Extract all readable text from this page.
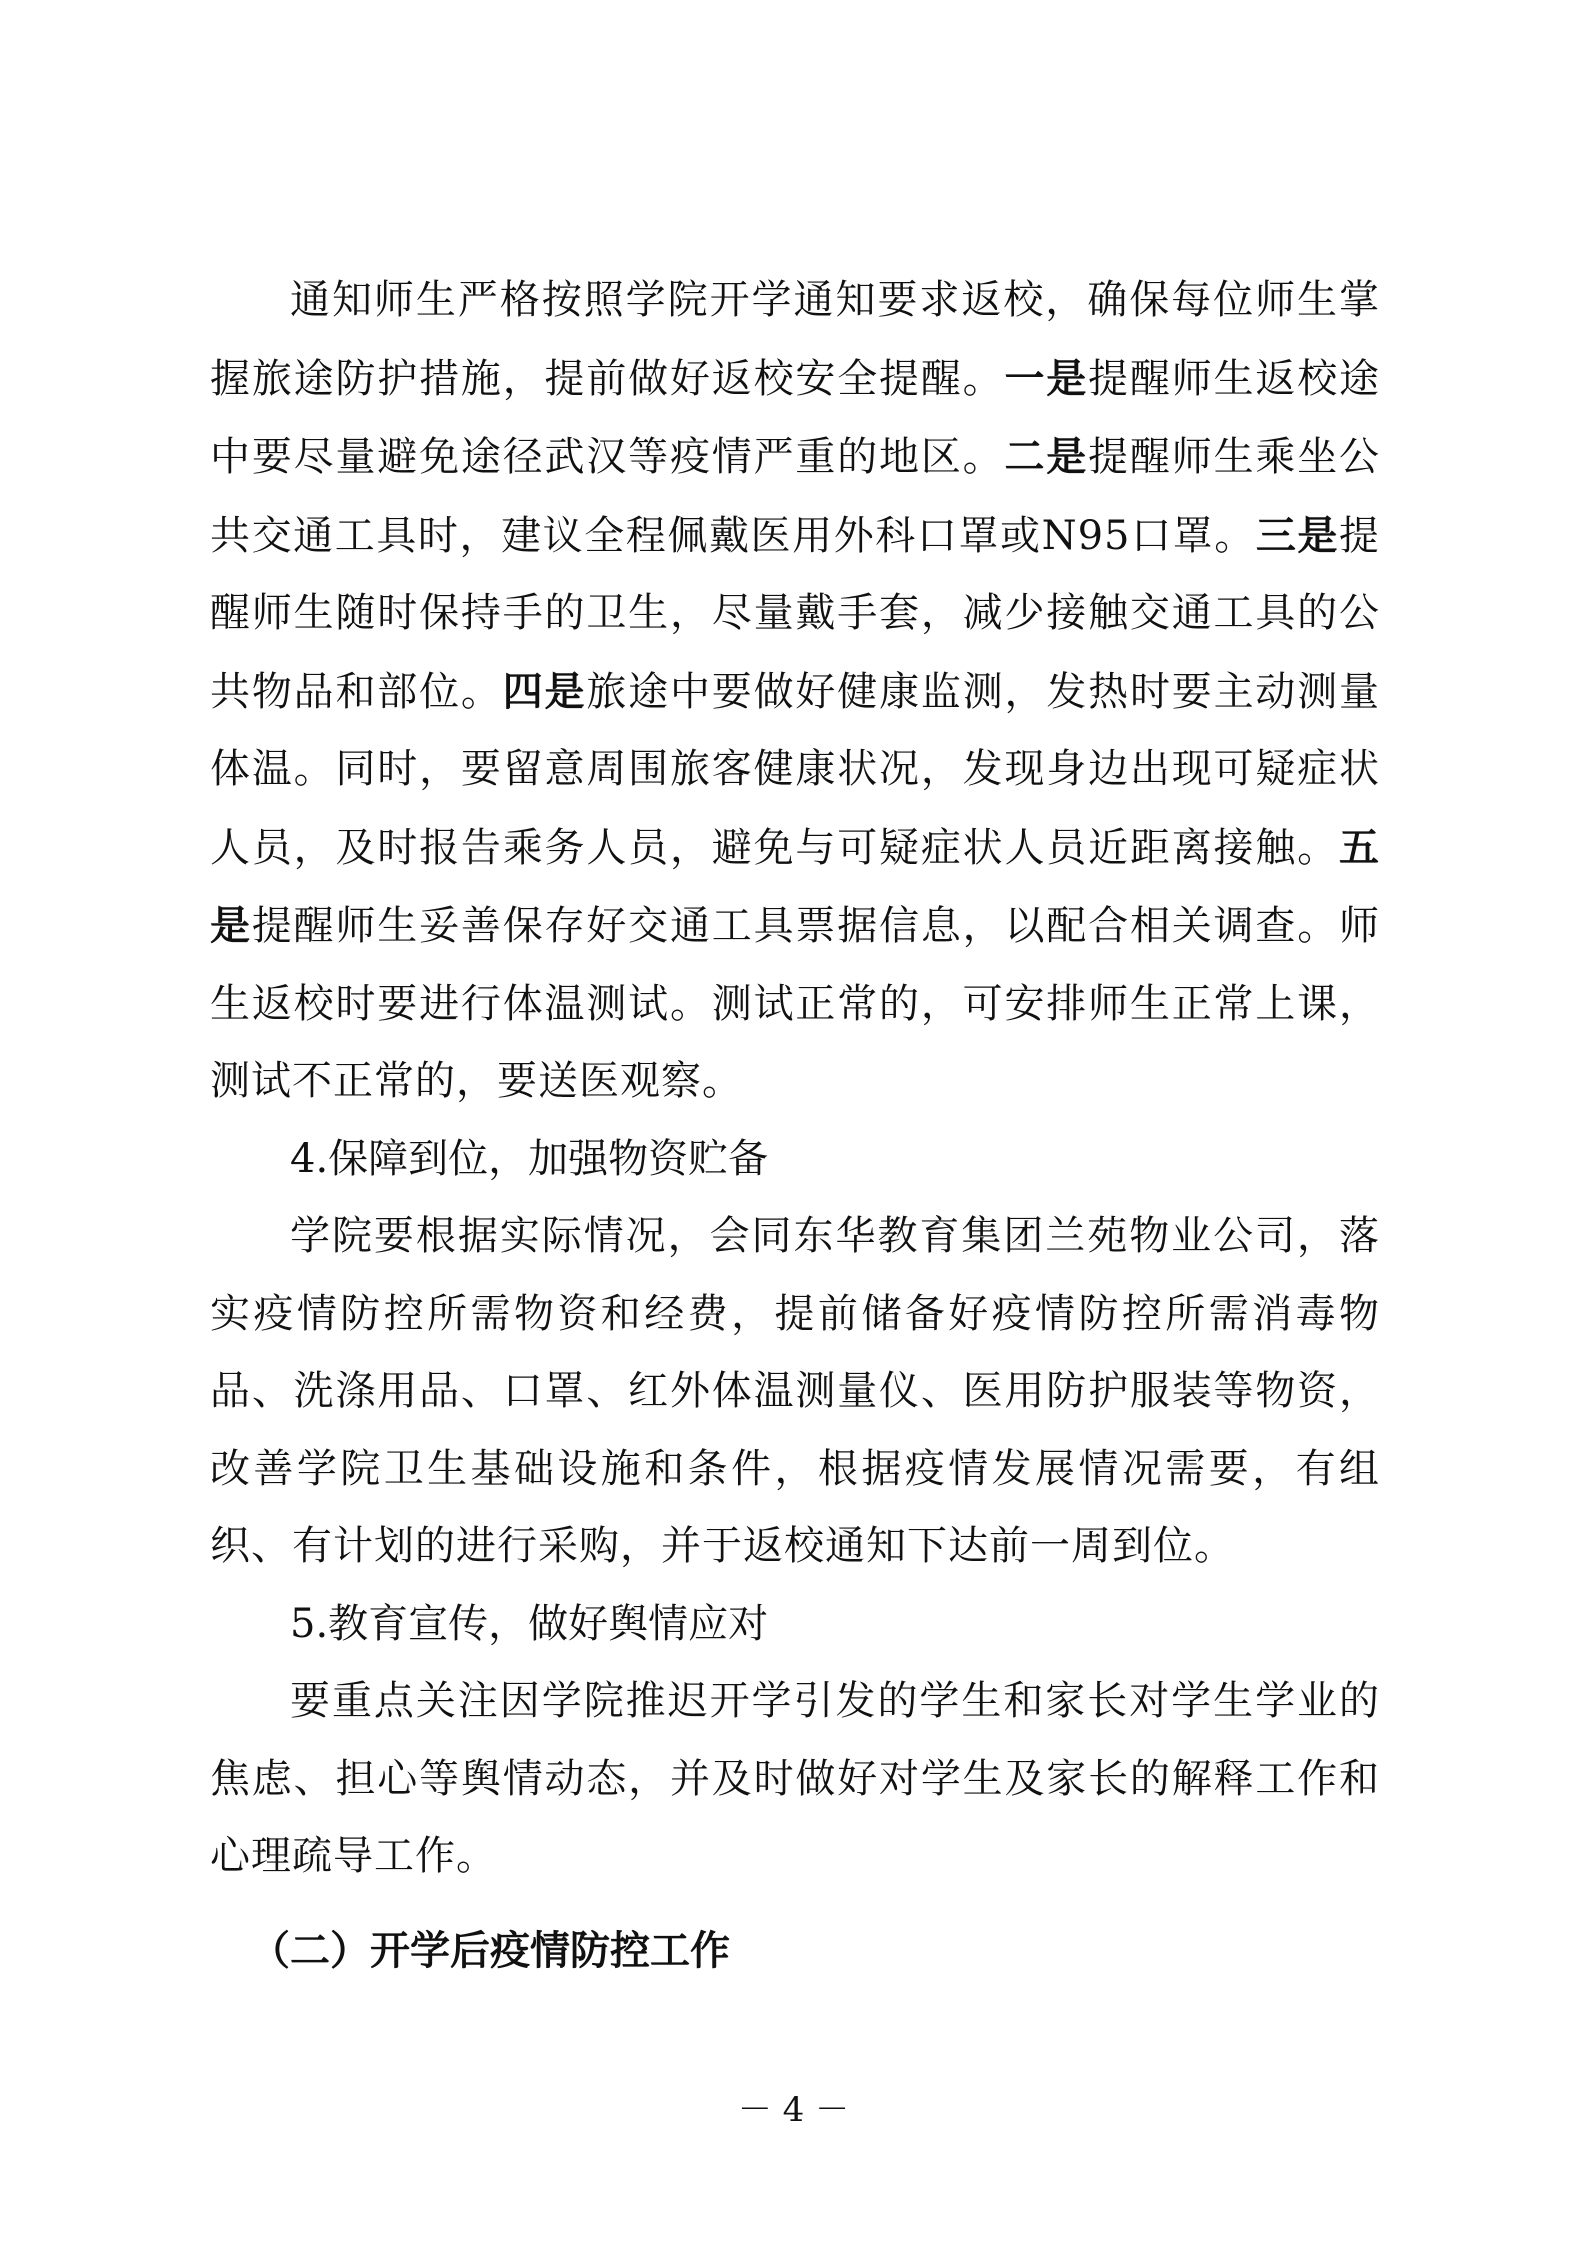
通知师生严格按照学院开学通知要求返校，确保每位师生掌握旅途防护措施，提前做好返校安全提醒。一是提醒师生返校途中要尽量避免途径武汉等疫情严重的地区。二是提醒师生乘坐公共交通工具时，建议全程佩戴医用外科口罩或N95口罩。三是提醒师生随时保持手的卫生，尽量戴手套，减少接触交通工具的公共物品和部位。四是旅途中要做好健康监测，发热时要主动测量体温。同时，要留意周围旅客健康状况，发现身边出现可疑症状人员，及时报告乘务人员，避免与可疑症状人员近距离接触。五是提醒师生妥善保存好交通工具票据信息，以配合相关调查。师生返校时要进行体温测试。测试正常的，可安排师生正常上课，测试不正常的，要送医观察。

4.保障到位，加强物资贮备

学院要根据实际情况，会同东华教育集团兰苑物业公司，落实疫情防控所需物资和经费，提前储备好疫情防控所需消毒物品、洗涤用品、口罩、红外体温测量仪、医用防护服装等物资，改善学院卫生基础设施和条件，根据疫情发展情况需要，有组织、有计划的进行采购，并于返校通知下达前一周到位。

5.教育宣传，做好舆情应对

要重点关注因学院推迟开学引发的学生和家长对学生学业的焦虑、担心等舆情动态，并及时做好对学生及家长的解释工作和心理疏导工作。

（二）开学后疫情防控工作

－ 4 －
